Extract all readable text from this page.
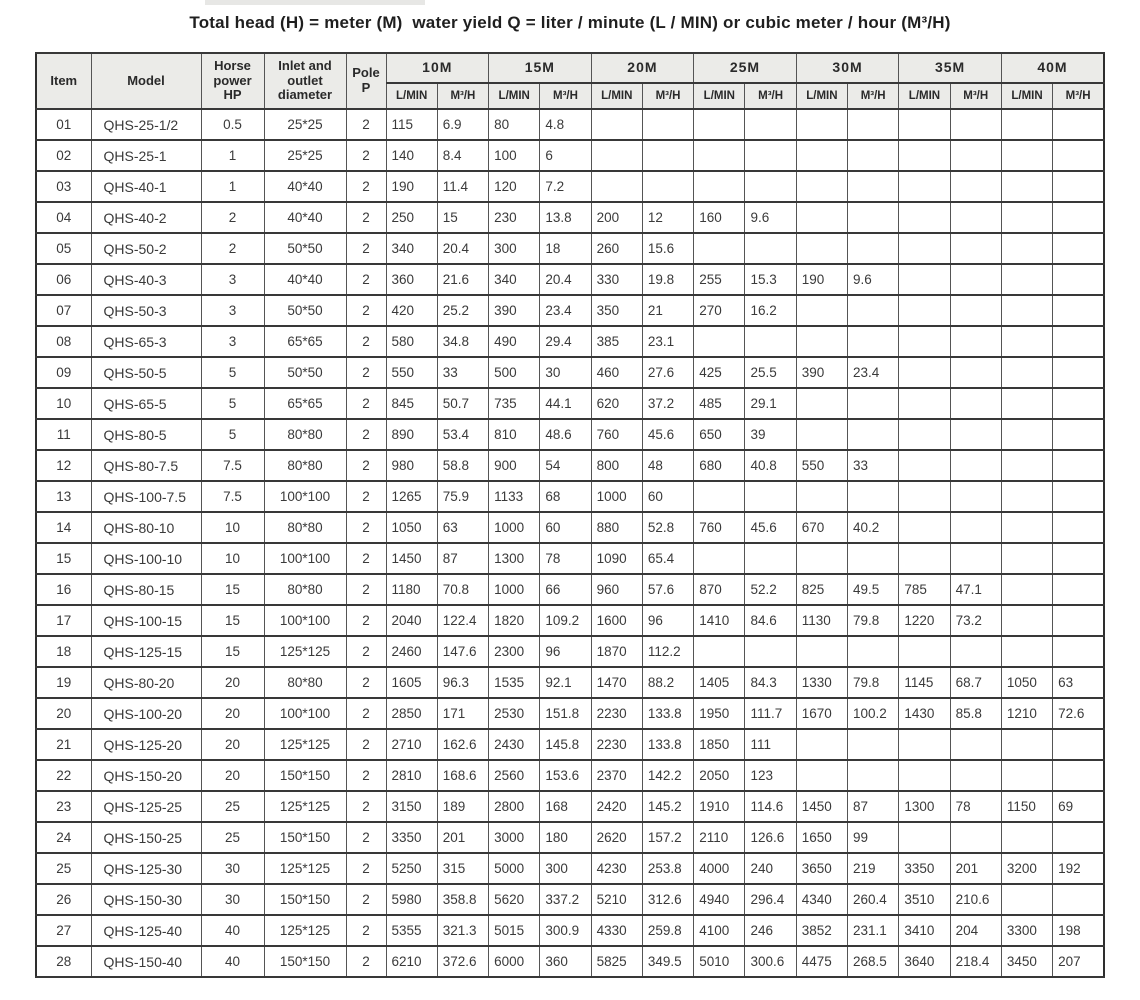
Total head (H) = meter (M)  water yield Q = liter / minute (L / MIN) or cubic meter / hour (M³/H)
Item	Model	Horse power HP	Inlet and outlet diameter	Pole P	10M		15M		20M		25M		30M		35M		40M	
					L/MIN	M³/H	L/MIN	M³/H	L/MIN	M³/H	L/MIN	M³/H	L/MIN	M³/H	L/MIN	M³/H	L/MIN	M³/H
01	QHS-25-1/2	0.5	25*25	2	115	6.9	80	4.8										
02	QHS-25-1	1	25*25	2	140	8.4	100	6										
03	QHS-40-1	1	40*40	2	190	11.4	120	7.2										
04	QHS-40-2	2	40*40	2	250	15	230	13.8	200	12	160	9.6						
05	QHS-50-2	2	50*50	2	340	20.4	300	18	260	15.6								
06	QHS-40-3	3	40*40	2	360	21.6	340	20.4	330	19.8	255	15.3	190	9.6				
07	QHS-50-3	3	50*50	2	420	25.2	390	23.4	350	21	270	16.2						
08	QHS-65-3	3	65*65	2	580	34.8	490	29.4	385	23.1								
09	QHS-50-5	5	50*50	2	550	33	500	30	460	27.6	425	25.5	390	23.4				
10	QHS-65-5	5	65*65	2	845	50.7	735	44.1	620	37.2	485	29.1						
11	QHS-80-5	5	80*80	2	890	53.4	810	48.6	760	45.6	650	39						
12	QHS-80-7.5	7.5	80*80	2	980	58.8	900	54	800	48	680	40.8	550	33				
13	QHS-100-7.5	7.5	100*100	2	1265	75.9	1133	68	1000	60								
14	QHS-80-10	10	80*80	2	1050	63	1000	60	880	52.8	760	45.6	670	40.2				
15	QHS-100-10	10	100*100	2	1450	87	1300	78	1090	65.4								
16	QHS-80-15	15	80*80	2	1180	70.8	1000	66	960	57.6	870	52.2	825	49.5	785	47.1		
17	QHS-100-15	15	100*100	2	2040	122.4	1820	109.2	1600	96	1410	84.6	1130	79.8	1220	73.2		
18	QHS-125-15	15	125*125	2	2460	147.6	2300	96	1870	112.2								
19	QHS-80-20	20	80*80	2	1605	96.3	1535	92.1	1470	88.2	1405	84.3	1330	79.8	1145	68.7	1050	63
20	QHS-100-20	20	100*100	2	2850	171	2530	151.8	2230	133.8	1950	111.7	1670	100.2	1430	85.8	1210	72.6
21	QHS-125-20	20	125*125	2	2710	162.6	2430	145.8	2230	133.8	1850	111						
22	QHS-150-20	20	150*150	2	2810	168.6	2560	153.6	2370	142.2	2050	123						
23	QHS-125-25	25	125*125	2	3150	189	2800	168	2420	145.2	1910	114.6	1450	87	1300	78	1150	69
24	QHS-150-25	25	150*150	2	3350	201	3000	180	2620	157.2	2110	126.6	1650	99				
25	QHS-125-30	30	125*125	2	5250	315	5000	300	4230	253.8	4000	240	3650	219	3350	201	3200	192
26	QHS-150-30	30	150*150	2	5980	358.8	5620	337.2	5210	312.6	4940	296.4	4340	260.4	3510	210.6		
27	QHS-125-40	40	125*125	2	5355	321.3	5015	300.9	4330	259.8	4100	246	3852	231.1	3410	204	3300	198
28	QHS-150-40	40	150*150	2	6210	372.6	6000	360	5825	349.5	5010	300.6	4475	268.5	3640	218.4	3450	207
